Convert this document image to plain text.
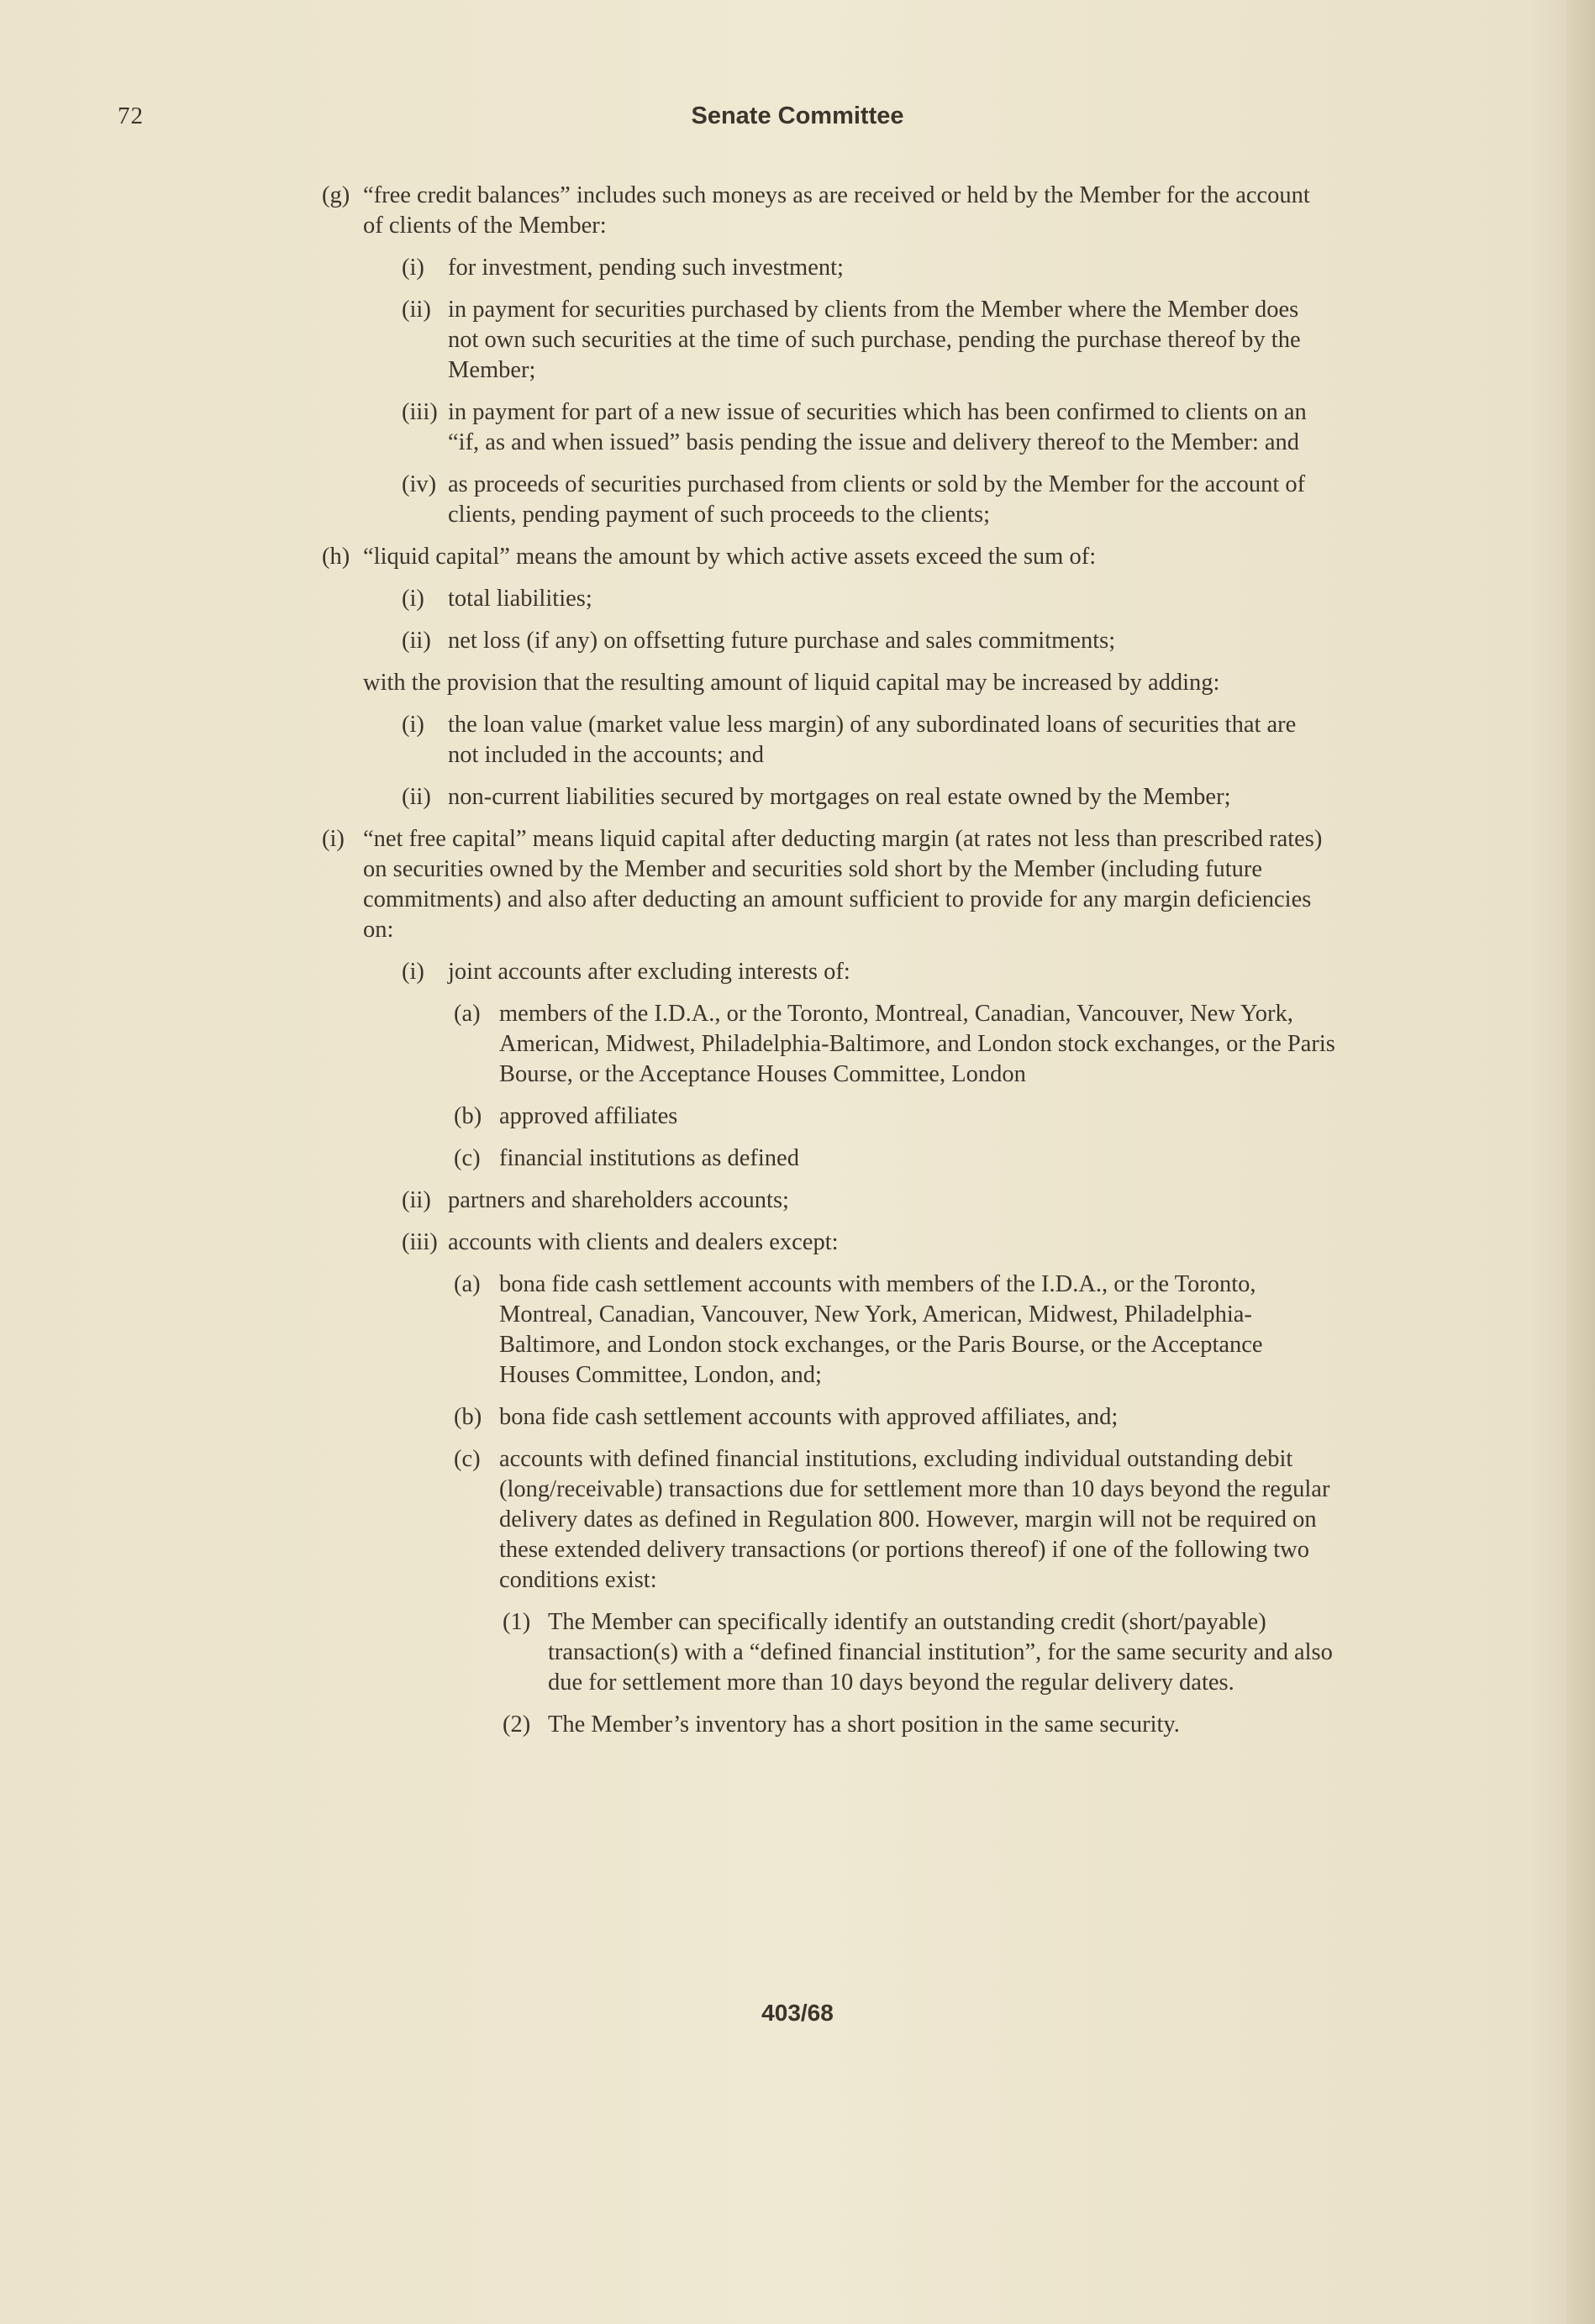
72	Senate Committee
(g) “free credit balances” includes such moneys as are received or held by the Member for the account of clients of the Member:
(i) for investment, pending such investment;
(ii) in payment for securities purchased by clients from the Member where the Member does not own such securities at the time of such purchase, pending the purchase thereof by the Member;
(iii) in payment for part of a new issue of securities which has been confirmed to clients on an “if, as and when issued” basis pending the issue and delivery thereof to the Member: and
(iv) as proceeds of securities purchased from clients or sold by the Member for the account of clients, pending payment of such proceeds to the clients;
(h) “liquid capital” means the amount by which active assets exceed the sum of:
(i) total liabilities;
(ii) net loss (if any) on offsetting future purchase and sales commitments;
with the provision that the resulting amount of liquid capital may be increased by adding:
(i) the loan value (market value less margin) of any subordinated loans of securities that are not included in the accounts; and
(ii) non-current liabilities secured by mortgages on real estate owned by the Member;
(i) “net free capital” means liquid capital after deducting margin (at rates not less than prescribed rates) on securities owned by the Member and securities sold short by the Member (including future commitments) and also after deducting an amount sufficient to provide for any margin deficiencies on:
(i) joint accounts after excluding interests of:
(a) members of the I.D.A., or the Toronto, Montreal, Canadian, Vancouver, New York, American, Midwest, Philadelphia-Baltimore, and London stock exchanges, or the Paris Bourse, or the Acceptance Houses Committee, London
(b) approved affiliates
(c) financial institutions as defined
(ii) partners and shareholders accounts;
(iii) accounts with clients and dealers except:
(a) bona fide cash settlement accounts with members of the I.D.A., or the Toronto, Montreal, Canadian, Vancouver, New York, American, Midwest, Philadelphia-Baltimore, and London stock exchanges, or the Paris Bourse, or the Acceptance Houses Committee, London, and;
(b) bona fide cash settlement accounts with approved affiliates, and;
(c) accounts with defined financial institutions, excluding individual outstanding debit (long/receivable) transactions due for settlement more than 10 days beyond the regular delivery dates as defined in Regulation 800. However, margin will not be required on these extended delivery transactions (or portions thereof) if one of the following two conditions exist:
(1) The Member can specifically identify an outstanding credit (short/payable) transaction(s) with a “defined financial institution”, for the same security and also due for settlement more than 10 days beyond the regular delivery dates.
(2) The Member’s inventory has a short position in the same security.
403/68
